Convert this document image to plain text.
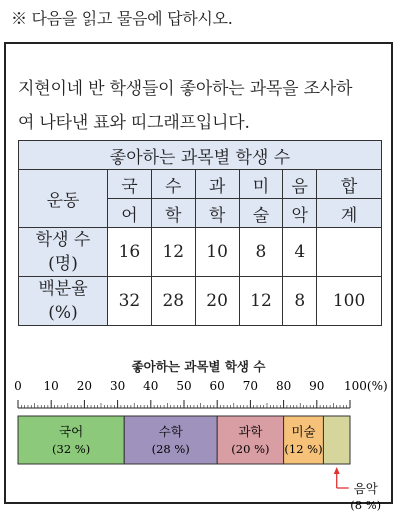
※ 다음을 읽고 물음에 답하시오.
지현이네 반 학생들이 좋아하는 과목을 조사하
여 나타낸 표와 띠그래프입니다.
좋아하는 과목별 학생 수						
운동	국	수	과	미	음	합
	어	학	학	술	악	계

학생 수
(명)	16	12	10	8	4	

백분율
(%)	32	28	20	12	8	100
좋아하는 과목별 학생 수
0 10 20 30 40 50 60 70 80 90 100(%)
국어
(32 %)
수학
(28 %)
과학
(20 %)
미술
(12 %)
음악
(8 %)
